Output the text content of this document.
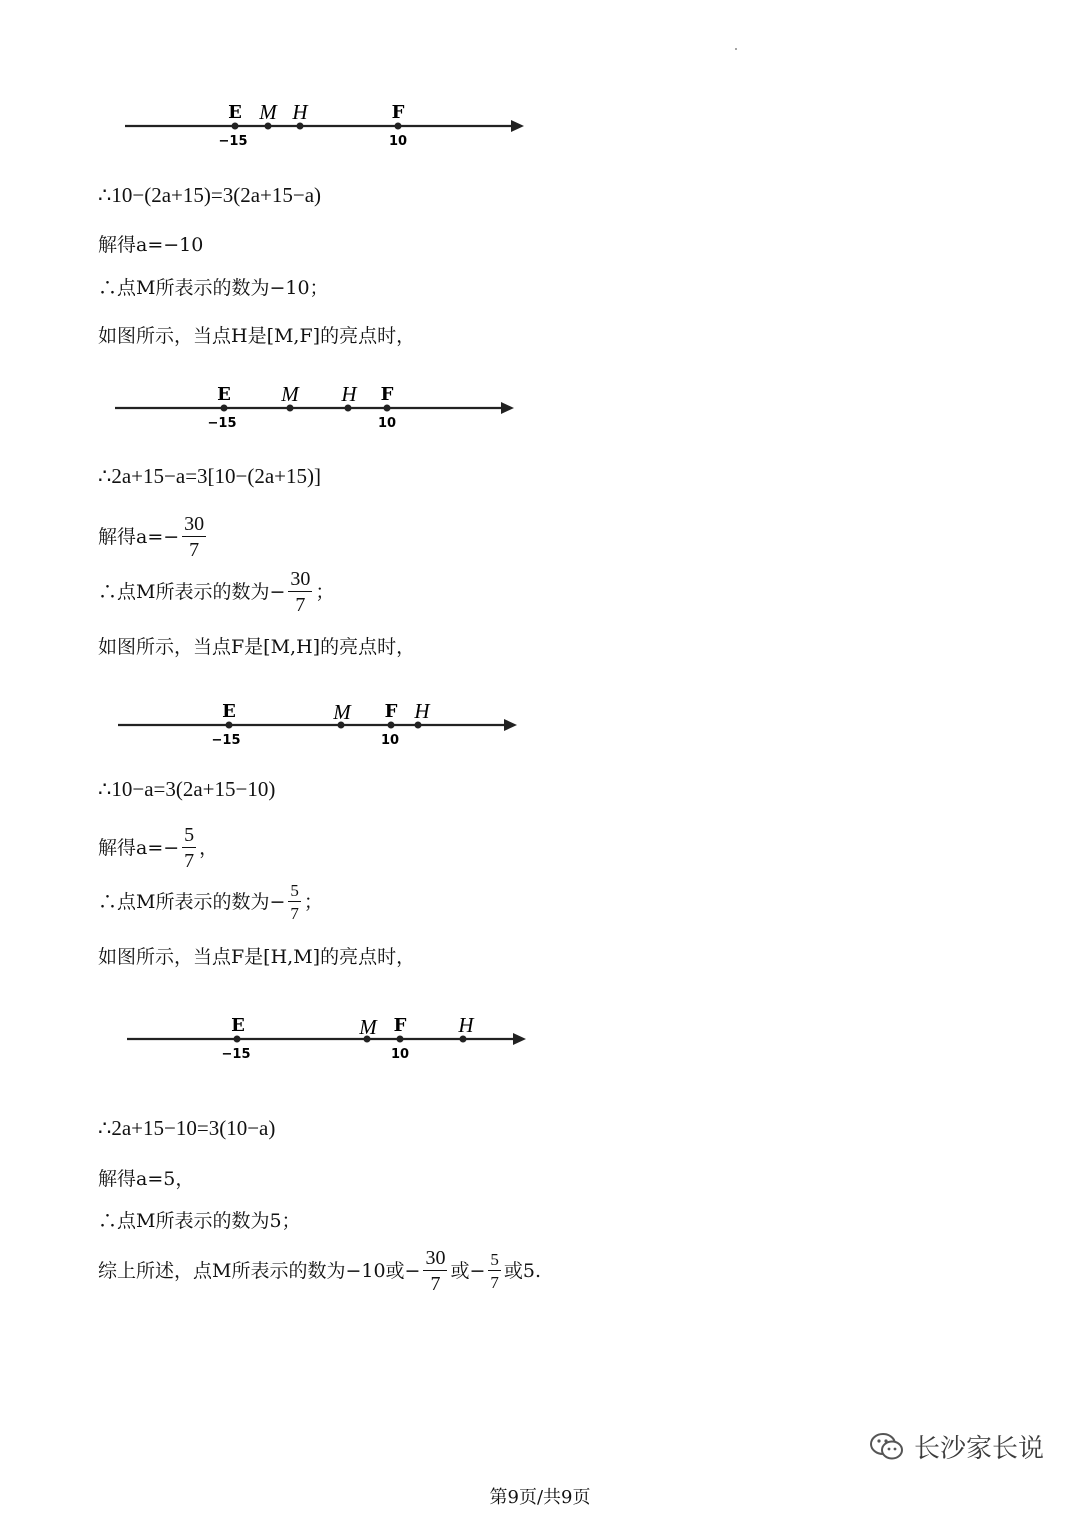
E M H	F
−15	10
∴10−(2a+15)=3(2a+15−a)
解得a=−10
∴点M所表示的数为−10；
如图所示，当点H是[M,F]的亮点时，
E M H F
−15	10
∴2a+15−a=3[10−(2a+15)]
解得$a=- \frac{30}{7}$
∴点M所表示的数为− $\frac{30}{7}$ ；
如图所示，当点F是[M,H]的亮点时，
E	M F H
−15	10
∴10−a=3(2a+15−10)
解得$a=- \frac{5}{7}$ ，
∴点M所表示的数为− $\frac{5}{7}$ ；
如图所示，当点F是[H,M]的亮点时，
E	M F H
−15	10
∴2a+15−10=3(10−a)
解得a=5，
∴点M所表示的数为5；
综上所述，点M所表示的数为−10或− $\frac{30}{7}$ 或− $\frac{5}{7}$ 或5.
第9页/共9页
长沙家长说
